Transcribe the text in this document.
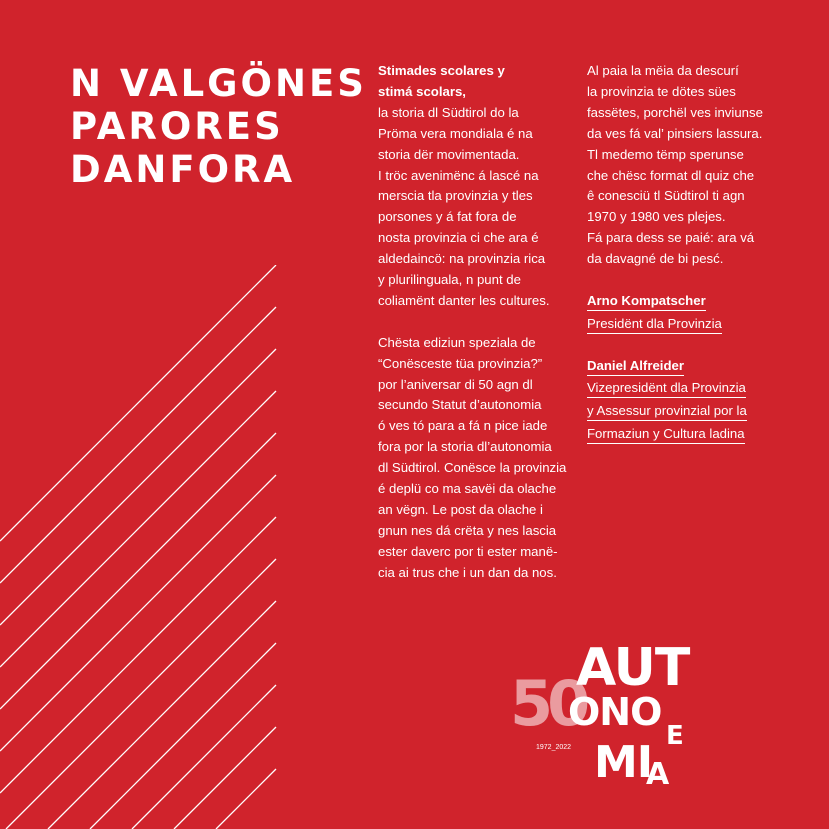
N VALGÖNES
PARORES
DANFORA
Stimades scolares y
stimá scolars,
la storia dl Südtirol do la
Pröma vera mondiala é na
storia dër movimentada.
I tröc avenimënc á lascé na
merscia tla provinzia y tles
porsones y á fat fora de
nosta provinzia ci che ara é
aldedaincö: na provinzia rica
y plurilinguala, n punt de
coliamënt danter les cultures.
Chësta ediziun speziala de
“Conësceste tüa provinzia?”
por l’aniversar di 50 agn dl
secundo Statut d’autonomia
ó ves tó para a fá n pice iade
fora por la storia dl’autonomia
dl Südtirol. Conësce la provinzia
é deplü co ma savëi da olache
an vëgn. Le post da olache i
gnun nes dá crëta y nes lascia
ester daverc por ti ester manë-
cia ai trus che i un dan da nos.
Al paia la mëia da descurí
la provinzia te dötes sües
fassëtes, porchël ves inviunse
da ves fá val’ pinsiers lassura.
Tl medemo tëmp sperunse
che chësc format dl quiz che
ê conesciü tl Südtirol ti agn
1970 y 1980 ves plejes.
Fá para dess se paié: ara vá
da davagné de bi pesć.
Arno Kompatscher
Presidënt dla Provinzia
Daniel Alfreider
Vizepresidënt dla Provinzia
y Assessur provinzial por la
Formaziun y Cultura ladina
50
AUT
ONO
E
MI
A
1972_2022
